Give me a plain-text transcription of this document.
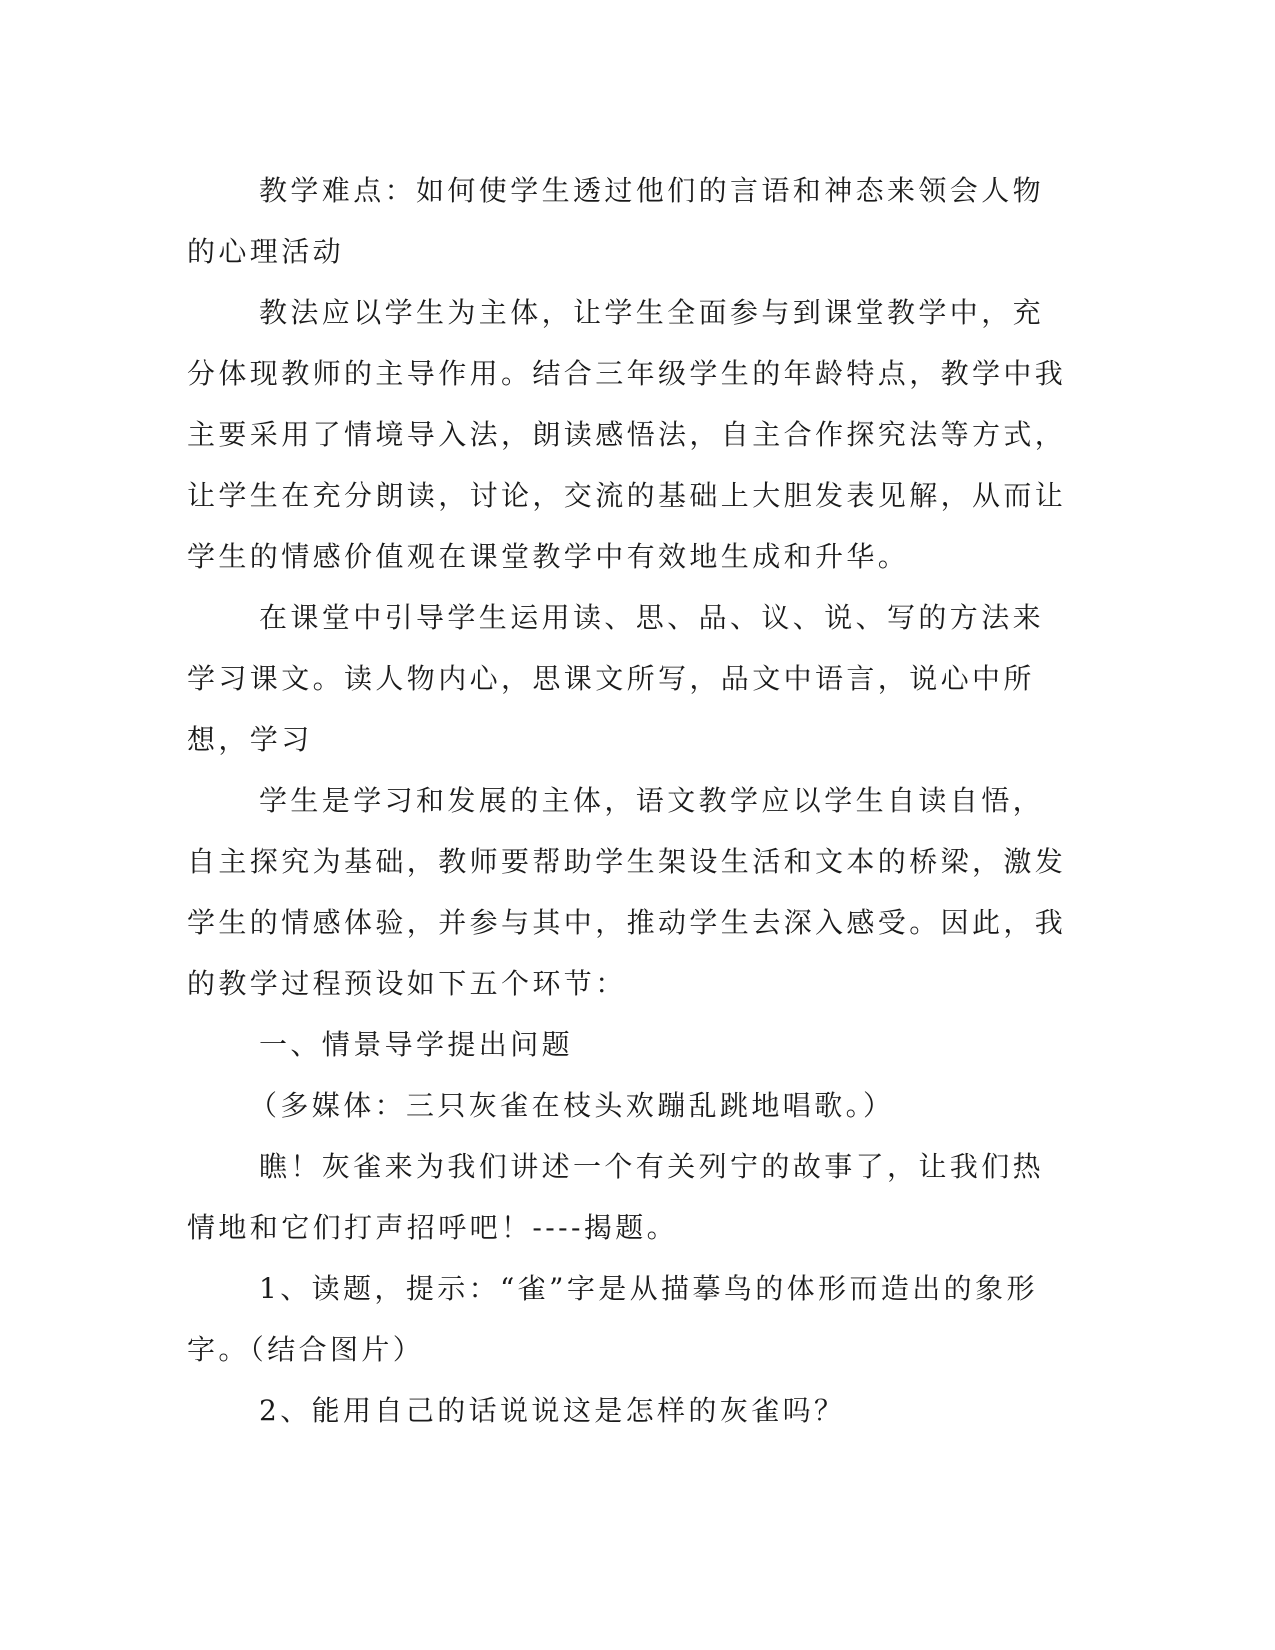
教学难点：如何使学生透过他们的言语和神态来领会人物的心理活动

教法应以学生为主体，让学生全面参与到课堂教学中，充分体现教师的主导作用。结合三年级学生的年龄特点，教学中我主要采用了情境导入法，朗读感悟法，自主合作探究法等方式，让学生在充分朗读，讨论，交流的基础上大胆发表见解，从而让学生的情感价值观在课堂教学中有效地生成和升华。

在课堂中引导学生运用读、思、品、议、说、写的方法来学习课文。读人物内心，思课文所写，品文中语言，说心中所想，学习

学生是学习和发展的主体，语文教学应以学生自读自悟，自主探究为基础，教师要帮助学生架设生活和文本的桥梁，激发学生的情感体验，并参与其中，推动学生去深入感受。因此，我的教学过程预设如下五个环节：

一、情景导学提出问题

（多媒体：三只灰雀在枝头欢蹦乱跳地唱歌。）

瞧！灰雀来为我们讲述一个有关列宁的故事了，让我们热情地和它们打声招呼吧！----揭题。

1、读题，提示：“雀”字是从描摹鸟的体形而造出的象形字。（结合图片）

2、能用自己的话说说这是怎样的灰雀吗？
